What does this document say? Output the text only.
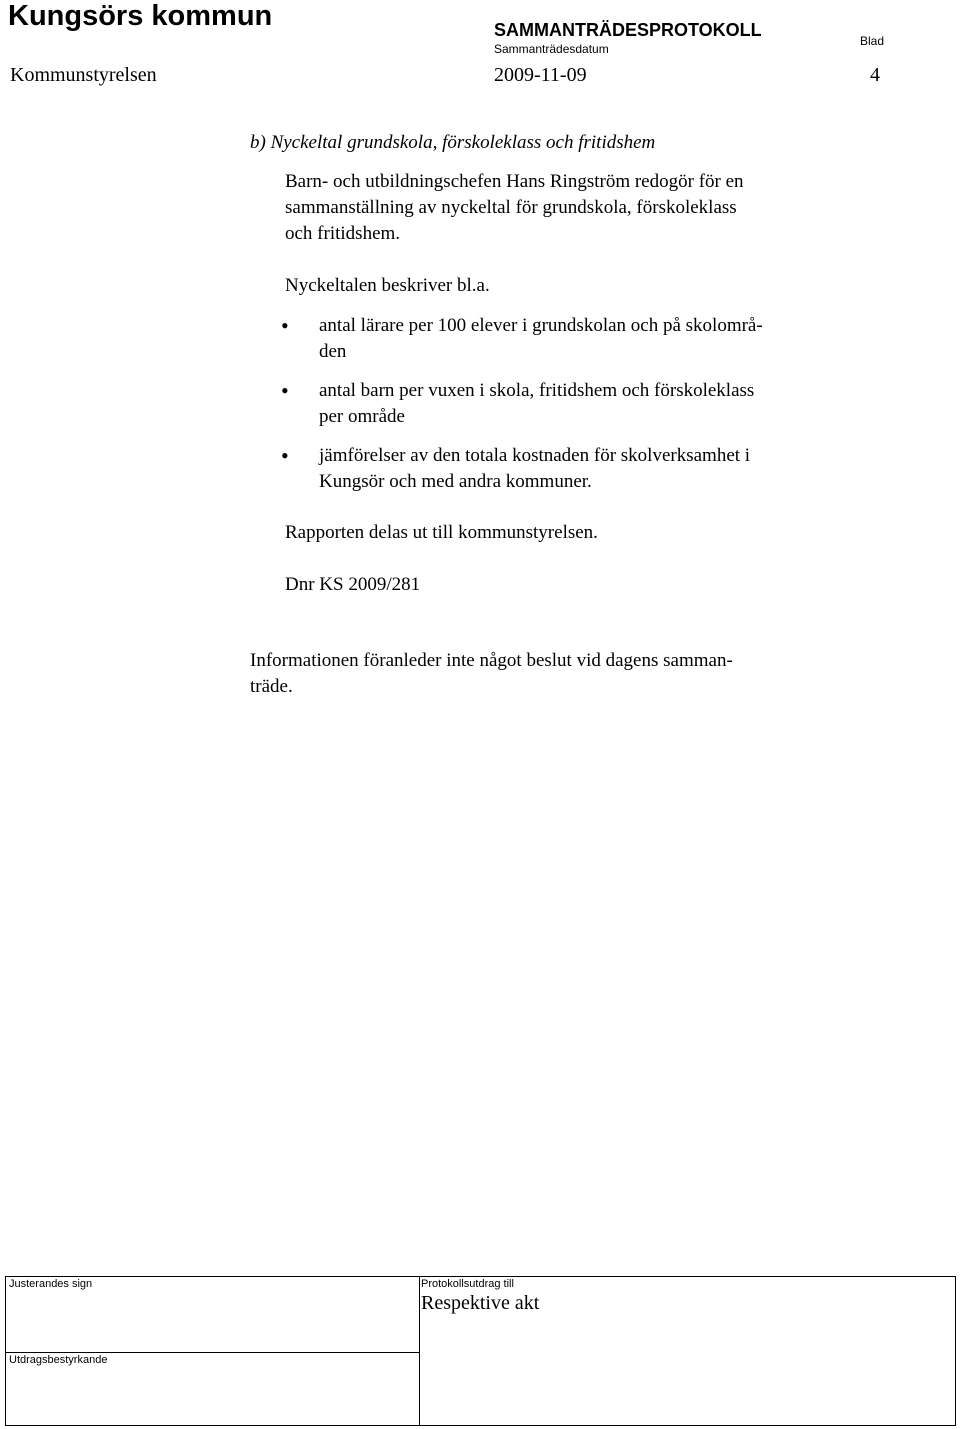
Kungsörs kommun	SAMMANTRÄDESPROTOKOLL
Sammanträdesdatum
Blad
Kommunstyrelsen	2009-11-09	4
b) Nyckeltal grundskola, förskoleklass och fritidshem
Barn- och utbildningschefen Hans Ringström redogör för en
sammanställning av nyckeltal för grundskola, förskoleklass
och fritidshem.
Nyckeltalen beskriver bl.a.
• antal lärare per 100 elever i grundskolan och på skolområ-
den
• antal barn per vuxen i skola, fritidshem och förskoleklass
per område
• jämförelser av den totala kostnaden för skolverksamhet i
Kungsör och med andra kommuner.
Rapporten delas ut till kommunstyrelsen.
Dnr KS 2009/281
Informationen föranleder inte något beslut vid dagens samman-
träde.
Justerandes sign	Protokollsutdrag till
Respektive akt
Utdragsbestyrkande
